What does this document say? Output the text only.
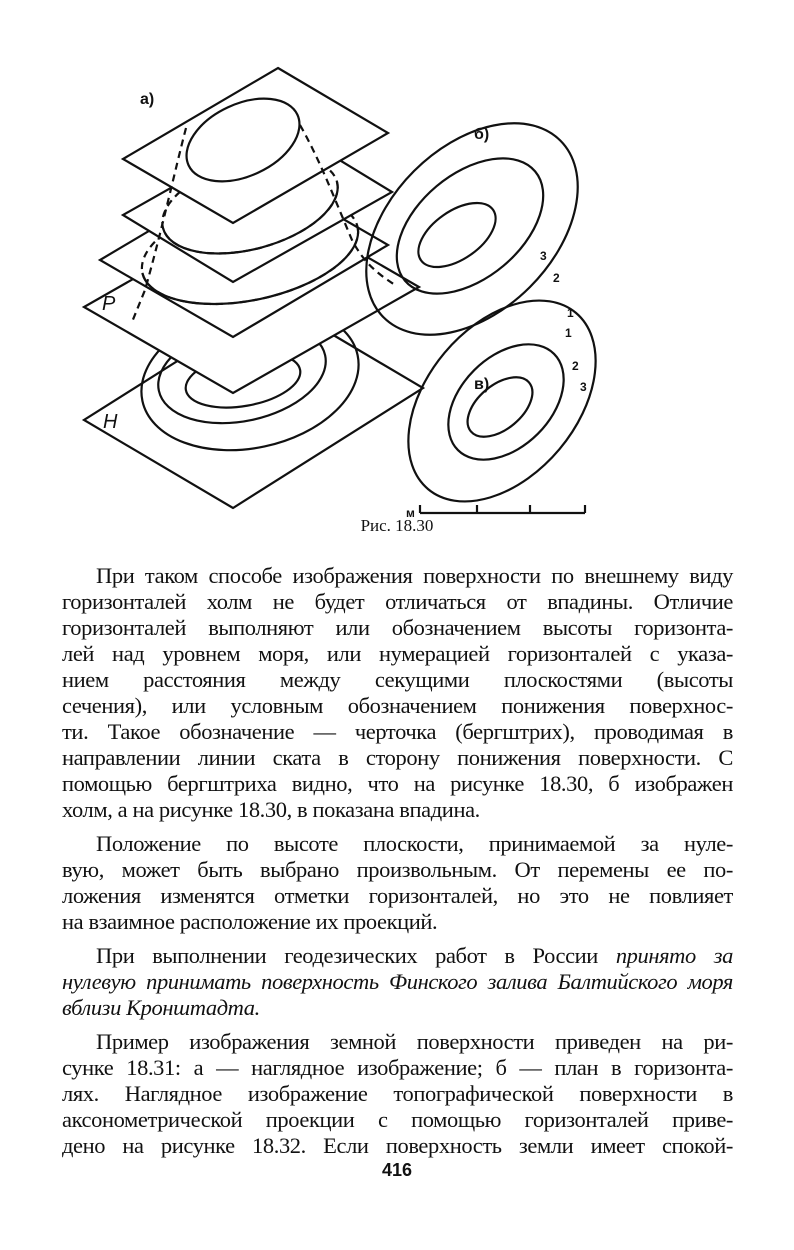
а)
б)
в)
P
H
3
2
1
1
2
3
м
Рис. 18.30
При таком способе изображения поверхности по внешнему виду
горизонталей холм не будет отличаться от впадины. Отличие
горизонталей выполняют или обозначением высоты горизонта-
лей над уровнем моря, или нумерацией горизонталей с указа-
нием расстояния между секущими плоскостями (высоты
сечения), или условным обозначением понижения поверхнос-
ти. Такое обозначение — черточка (бергштрих), проводимая в
направлении линии ската в сторону понижения поверхности. С
помощью бергштриха видно, что на рисунке 18.30, б изображен
холм, а на рисунке 18.30, в показана впадина.
Положение по высоте плоскости, принимаемой за нуле-
вую, может быть выбрано произвольным. От перемены ее по-
ложения изменятся отметки горизонталей, но это не повлияет
на взаимное расположение их проекций.
При выполнении геодезических работ в России принято за
нулевую принимать поверхность Финского залива Балтийского моря
вблизи Кронштадта.
Пример изображения земной поверхности приведен на ри-
сунке 18.31: а — наглядное изображение; б — план в горизонта-
лях. Наглядное изображение топографической поверхности в
аксонометрической проекции с помощью горизонталей приве-
дено на рисунке 18.32. Если поверхность земли имеет спокой-
416
